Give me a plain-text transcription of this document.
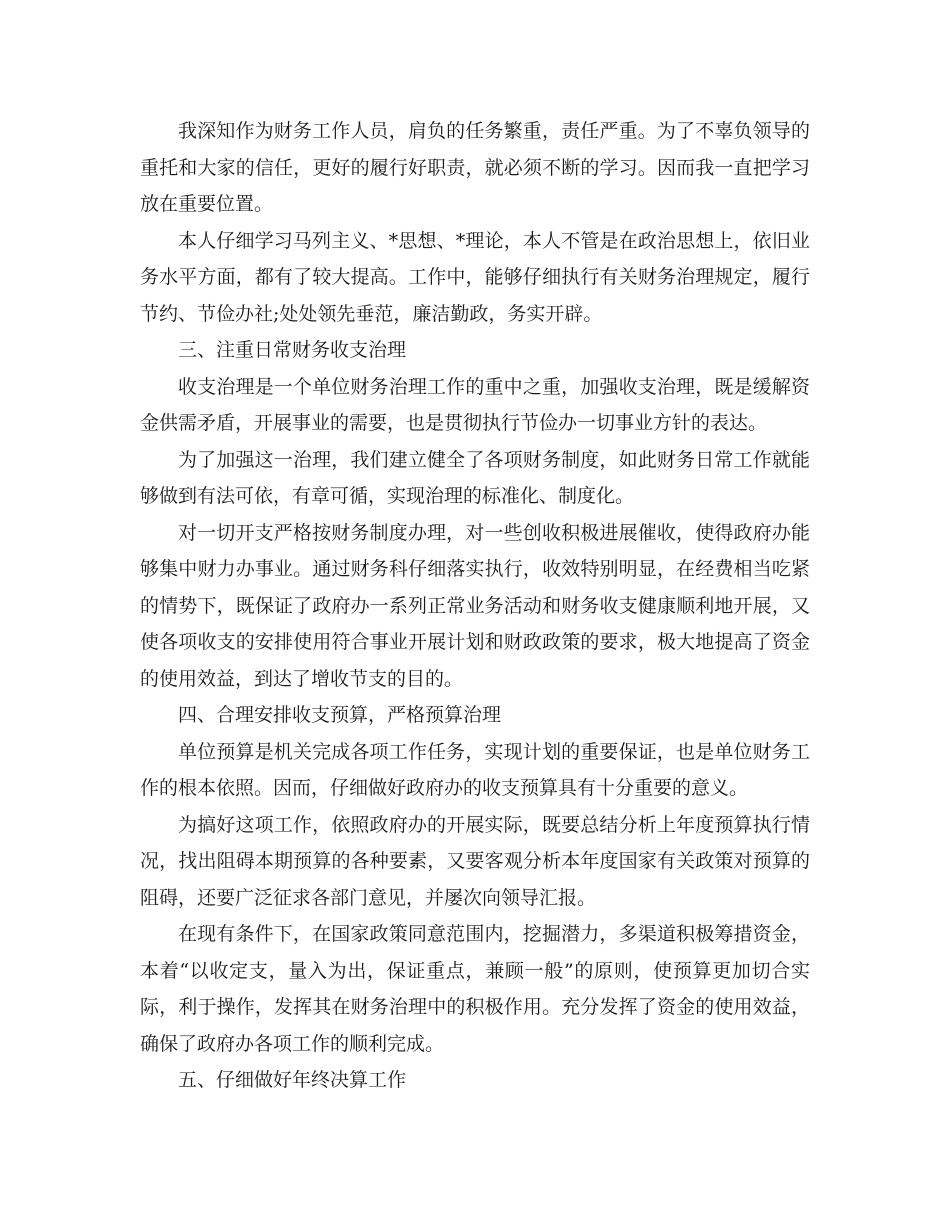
我深知作为财务工作人员，肩负的任务繁重，责任严重。为了不辜负领导的重托和大家的信任，更好的履行好职责，就必须不断的学习。因而我一直把学习放在重要位置。

本人仔细学习马列主义、*思想、*理论，本人不管是在政治思想上，依旧业务水平方面，都有了较大提高。工作中，能够仔细执行有关财务治理规定，履行节约、节俭办社;处处领先垂范，廉洁勤政，务实开辟。

三、注重日常财务收支治理

收支治理是一个单位财务治理工作的重中之重，加强收支治理，既是缓解资金供需矛盾，开展事业的需要，也是贯彻执行节俭办一切事业方针的表达。

为了加强这一治理，我们建立健全了各项财务制度，如此财务日常工作就能够做到有法可依，有章可循，实现治理的标准化、制度化。

对一切开支严格按财务制度办理，对一些创收积极进展催收，使得政府办能够集中财力办事业。通过财务科仔细落实执行，收效特别明显，在经费相当吃紧的情势下，既保证了政府办一系列正常业务活动和财务收支健康顺利地开展，又使各项收支的安排使用符合事业开展计划和财政政策的要求，极大地提高了资金的使用效益，到达了增收节支的目的。

四、合理安排收支预算，严格预算治理

单位预算是机关完成各项工作任务，实现计划的重要保证，也是单位财务工作的根本依照。因而，仔细做好政府办的收支预算具有十分重要的意义。

为搞好这项工作，依照政府办的开展实际，既要总结分析上年度预算执行情况，找出阻碍本期预算的各种要素，又要客观分析本年度国家有关政策对预算的阻碍，还要广泛征求各部门意见，并屡次向领导汇报。

在现有条件下，在国家政策同意范围内，挖掘潜力，多渠道积极筹措资金，本着“以收定支，量入为出，保证重点，兼顾一般”的原则，使预算更加切合实际，利于操作，发挥其在财务治理中的积极作用。充分发挥了资金的使用效益，确保了政府办各项工作的顺利完成。

五、仔细做好年终决算工作
